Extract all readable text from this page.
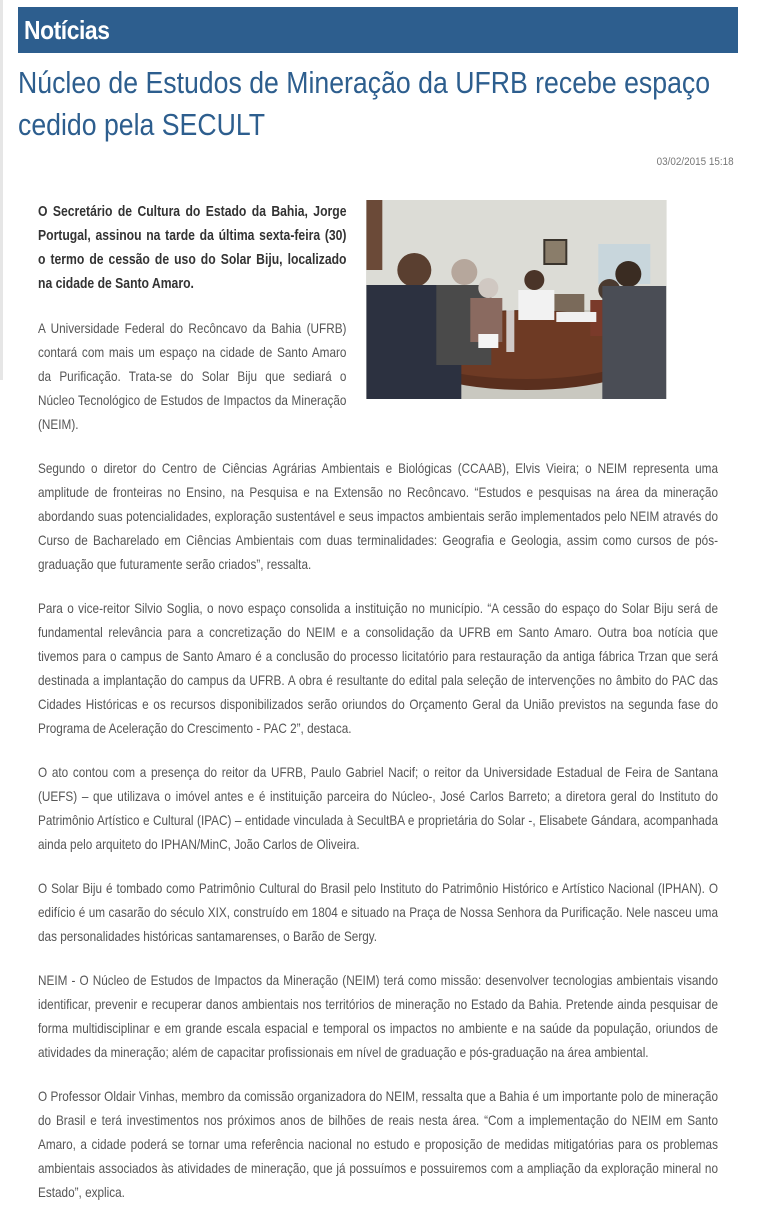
Notícias
Núcleo de Estudos de Mineração da UFRB recebe espaço cedido pela SECULT
03/02/2015 15:18

O Secretário de Cultura do Estado da Bahia, Jorge Portugal, assinou na tarde da última sexta-feira (30) o termo de cessão de uso do Solar Biju, localizado na cidade de Santo Amaro.

A Universidade Federal do Recôncavo da Bahia (UFRB) contará com mais um espaço na cidade de Santo Amaro da Purificação. Trata-se do Solar Biju que sediará o Núcleo Tecnológico de Estudos de Impactos da Mineração (NEIM).

Segundo o diretor do Centro de Ciências Agrárias Ambientais e Biológicas (CCAAB), Elvis Vieira; o NEIM representa uma amplitude de fronteiras no Ensino, na Pesquisa e na Extensão no Recôncavo. “Estudos e pesquisas na área da mineração abordando suas potencialidades, exploração sustentável e seus impactos ambientais serão implementados pelo NEIM através do Curso de Bacharelado em Ciências Ambientais com duas terminalidades: Geografia e Geologia, assim como cursos de pós-graduação que futuramente serão criados”, ressalta.

Para o vice-reitor Silvio Soglia, o novo espaço consolida a instituição no município. “A cessão do espaço do Solar Biju será de fundamental relevância para a concretização do NEIM e a consolidação da UFRB em Santo Amaro. Outra boa notícia que tivemos para o campus de Santo Amaro é a conclusão do processo licitatório para restauração da antiga fábrica Trzan que será destinada a implantação do campus da UFRB. A obra é resultante do edital pala seleção de intervenções no âmbito do PAC das Cidades Históricas e os recursos disponibilizados serão oriundos do Orçamento Geral da União previstos na segunda fase do Programa de Aceleração do Crescimento - PAC 2”, destaca.

O ato contou com a presença do reitor da UFRB, Paulo Gabriel Nacif; o reitor da Universidade Estadual de Feira de Santana (UEFS) – que utilizava o imóvel antes e é instituição parceira do Núcleo-, José Carlos Barreto; a diretora geral do Instituto do Patrimônio Artístico e Cultural (IPAC) – entidade vinculada à SecultBA e proprietária do Solar -, Elisabete Gándara, acompanhada ainda pelo arquiteto do IPHAN/MinC, João Carlos de Oliveira.

O Solar Biju é tombado como Patrimônio Cultural do Brasil pelo Instituto do Patrimônio Histórico e Artístico Nacional (IPHAN). O edifício é um casarão do século XIX, construído em 1804 e situado na Praça de Nossa Senhora da Purificação. Nele nasceu uma das personalidades históricas santamarenses, o Barão de Sergy.

NEIM - O Núcleo de Estudos de Impactos da Mineração (NEIM) terá como missão: desenvolver tecnologias ambientais visando identificar, prevenir e recuperar danos ambientais nos territórios de mineração no Estado da Bahia. Pretende ainda pesquisar de forma multidisciplinar e em grande escala espacial e temporal os impactos no ambiente e na saúde da população, oriundos de atividades da mineração; além de capacitar profissionais em nível de graduação e pós-graduação na área ambiental.

O Professor Oldair Vinhas, membro da comissão organizadora do NEIM, ressalta que a Bahia é um importante polo de mineração do Brasil e terá investimentos nos próximos anos de bilhões de reais nesta área. “Com a implementação do NEIM em Santo Amaro, a cidade poderá se tornar uma referência nacional no estudo e proposição de medidas mitigatórias para os problemas ambientais associados às atividades de mineração, que já possuímos e possuiremos com a ampliação da exploração mineral no Estado”, explica.
